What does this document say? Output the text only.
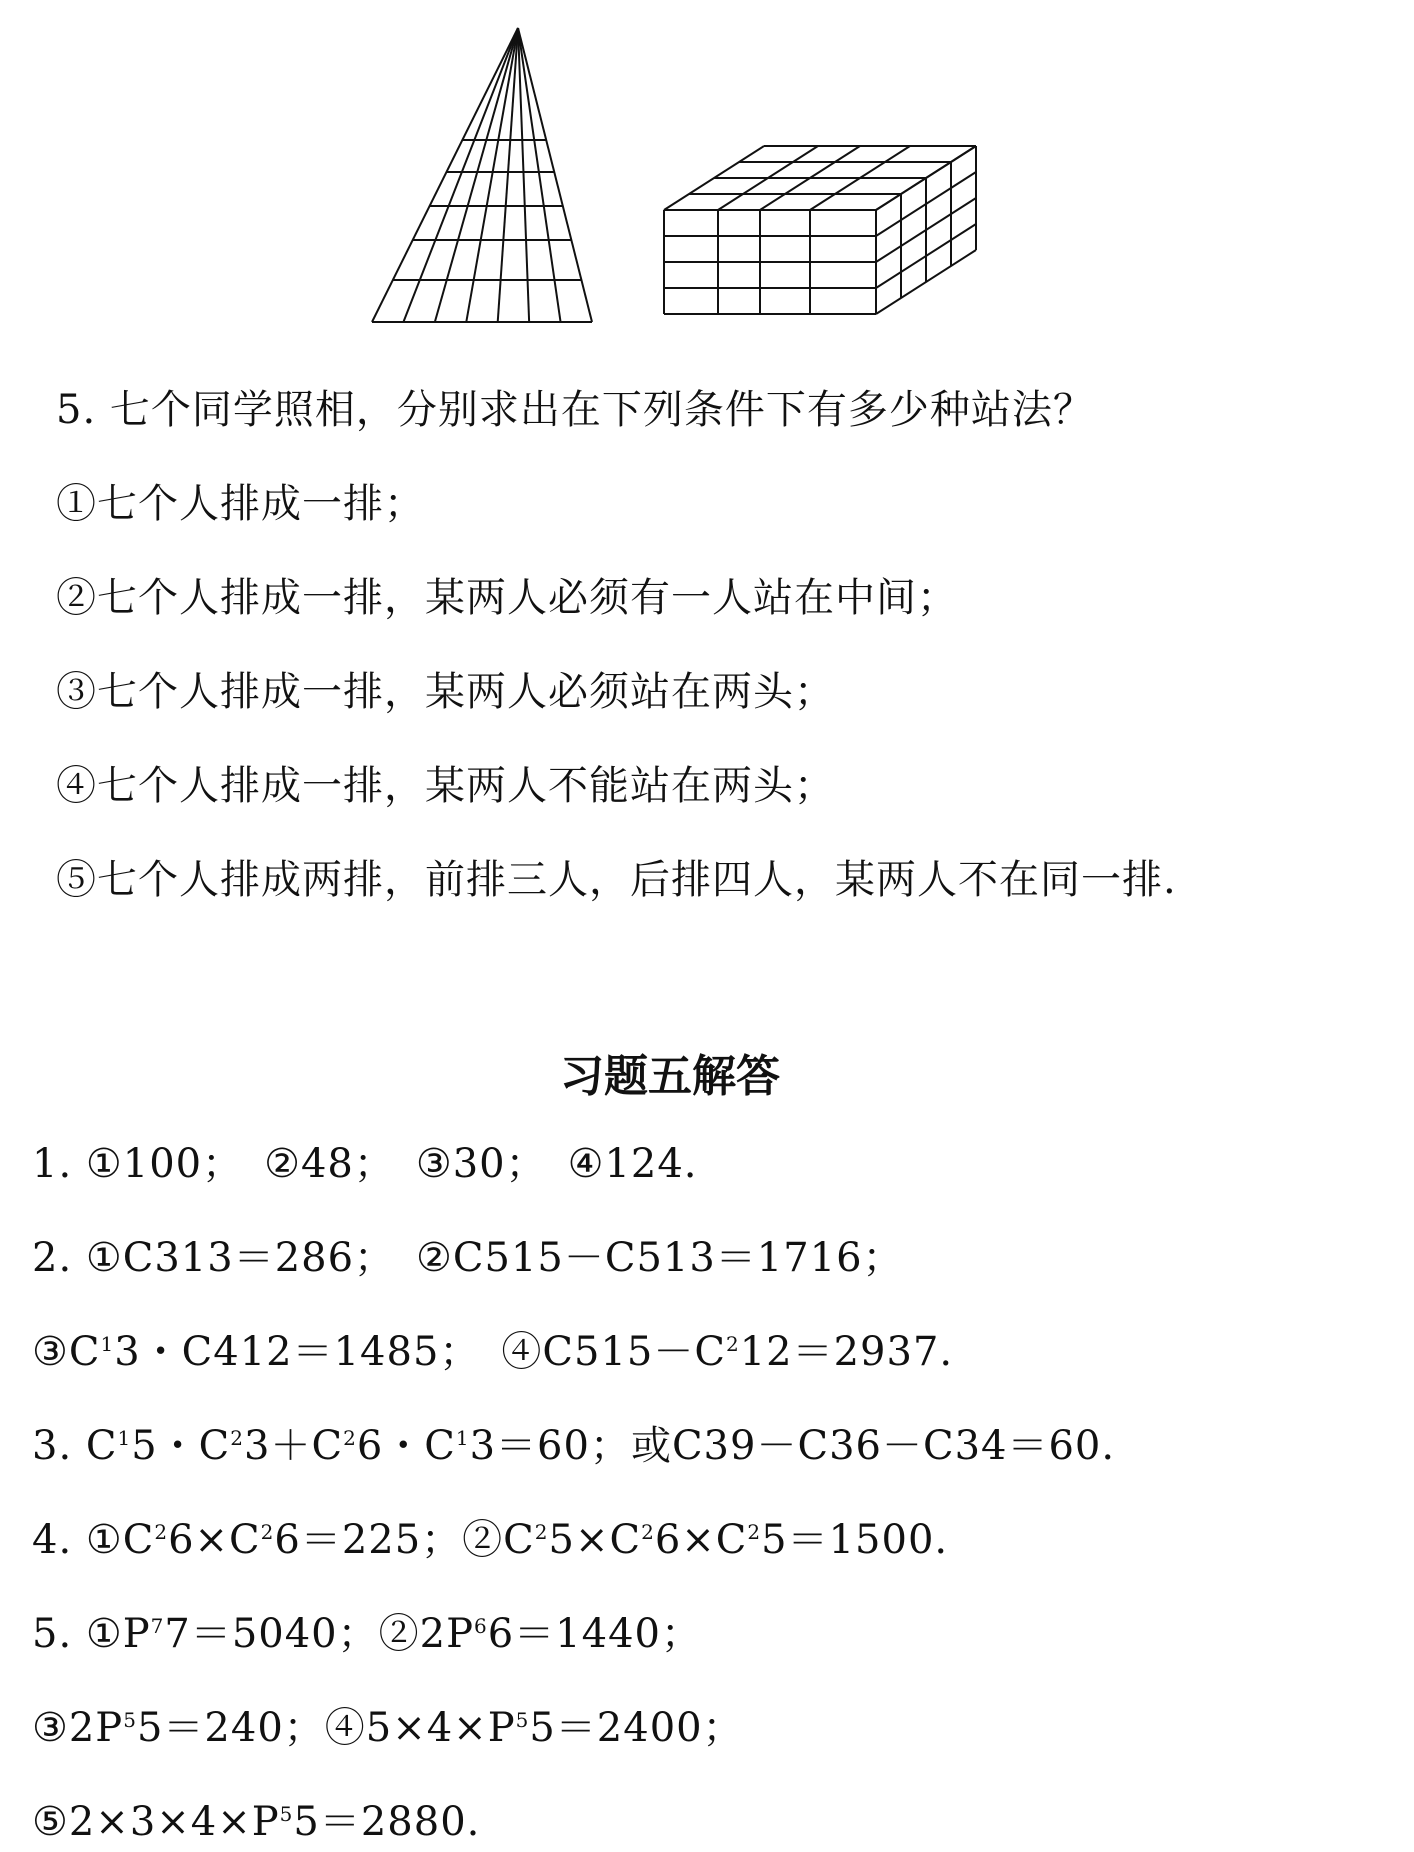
5. 七个同学照相，分别求出在下列条件下有多少种站法？
①七个人排成一排；
②七个人排成一排，某两人必须有一人站在中间；
③七个人排成一排，某两人必须站在两头；
④七个人排成一排，某两人不能站在两头；
⑤七个人排成两排，前排三人，后排四人，某两人不在同一排.
习题五解答
1. ①100；　②48；　③30；　④124.
2. ①C313＝286；　②C515－C513＝1716；
$③C^13$・C412＝1485；　$④C515-C^212=2937$.
3. $C^15$・$C^23+C^26$・$C^13=60$；或C39－C36－C34＝60.
4. $①C^26\times C^26=225$；$②C^25\times C^26\times C^25=1500$.
5. $①P^77=5040$；$②2P^66=1440$；
$③2P^55=240$；$④5\times 4\times P^55=2400$；
$⑤2\times 3\times 4\times P^55=2880$.
